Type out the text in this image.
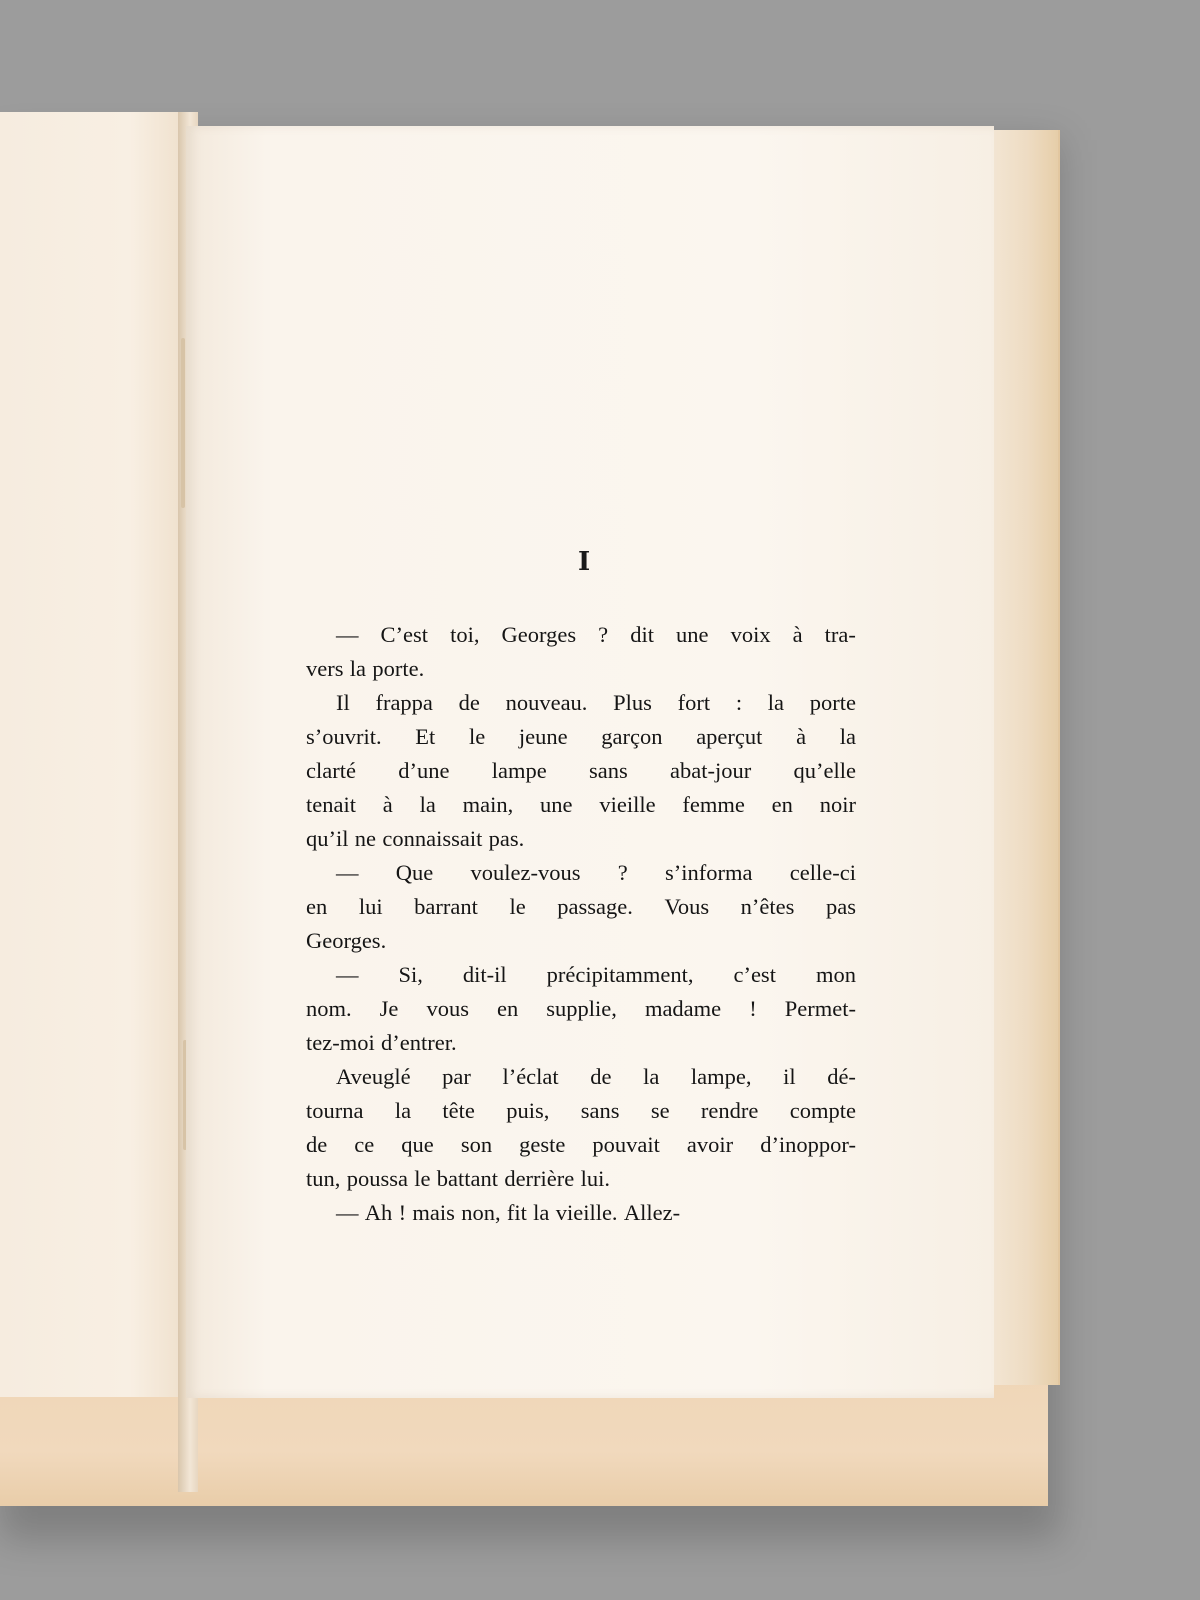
I
— C’est toi, Georges ? dit une voix à tra-
vers la porte.
Il frappa de nouveau. Plus fort : la porte
s’ouvrit. Et le jeune garçon aperçut à la
clarté d’une lampe sans abat-jour qu’elle
tenait à la main, une vieille femme en noir
qu’il ne connaissait pas.
— Que voulez-vous ? s’informa celle-ci
en lui barrant le passage. Vous n’êtes pas
Georges.
— Si, dit-il précipitamment, c’est mon
nom. Je vous en supplie, madame ! Permet-
tez-moi d’entrer.
Aveuglé par l’éclat de la lampe, il dé-
tourna la tête puis, sans se rendre compte
de ce que son geste pouvait avoir d’inoppor-
tun, poussa le battant derrière lui.
— Ah ! mais non, fit la vieille. Allez-
